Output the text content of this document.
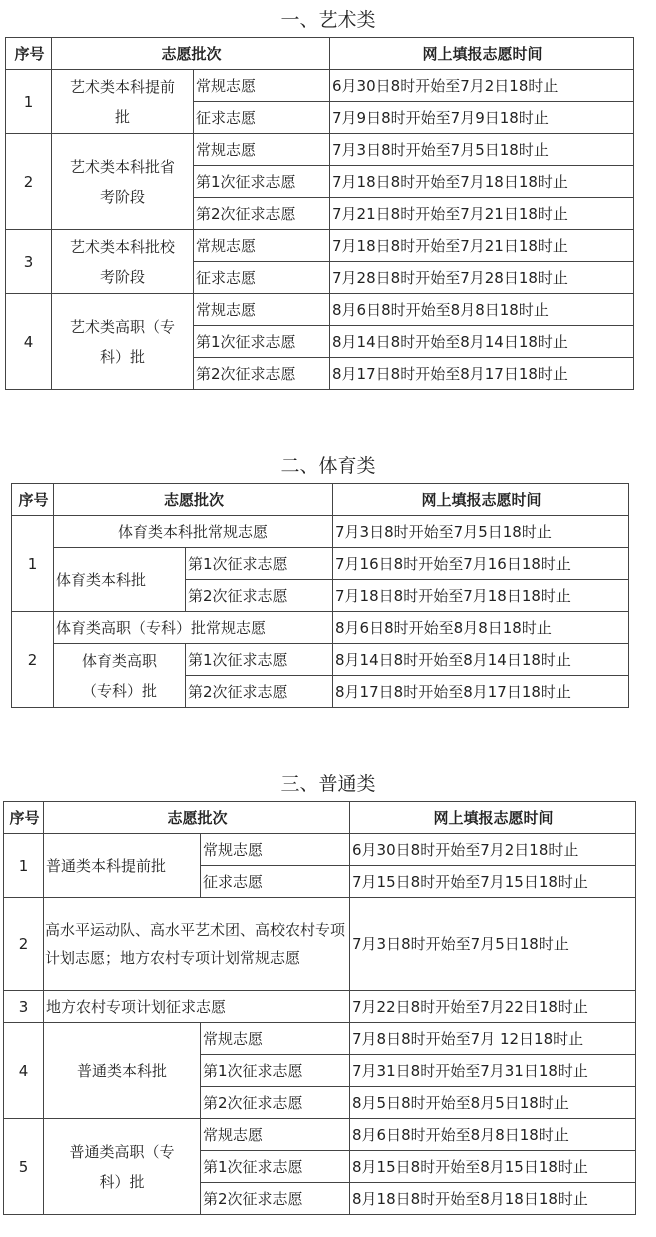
一、艺术类
序号	志愿批次		网上填报志愿时间
1	艺术类本科提前批	常规志愿	6月30日8时开始至7月2日18时止
		征求志愿	7月9日8时开始至7月9日18时止
2	艺术类本科批省考阶段	常规志愿	7月3日8时开始至7月5日18时止
		第1次征求志愿	7月18日8时开始至7月18日18时止
		第2次征求志愿	7月21日8时开始至7月21日18时止
3	艺术类本科批校考阶段	常规志愿	7月18日8时开始至7月21日18时止
		征求志愿	7月28日8时开始至7月28日18时止
4	艺术类高职（专科）批	常规志愿	8月6日8时开始至8月8日18时止
		第1次征求志愿	8月14日8时开始至8月14日18时止
		第2次征求志愿	8月17日8时开始至8月17日18时止
二、体育类
序号	志愿批次		网上填报志愿时间
1	体育类本科批常规志愿		7月3日8时开始至7月5日18时止
	体育类本科批	第1次征求志愿	7月16日8时开始至7月16日18时止
		第2次征求志愿	7月18日8时开始至7月18日18时止
2	体育类高职（专科）批常规志愿		8月6日8时开始至8月8日18时止
	体育类高职（专科）批	第1次征求志愿	8月14日8时开始至8月14日18时止
		第2次征求志愿	8月17日8时开始至8月17日18时止
三、普通类
序号	志愿批次		网上填报志愿时间
1	普通类本科提前批	常规志愿	6月30日8时开始至7月2日18时止
		征求志愿	7月15日8时开始至7月15日18时止
2	高水平运动队、高水平艺术团、高校农村专项计划志愿；地方农村专项计划常规志愿		7月3日8时开始至7月5日18时止
3	地方农村专项计划征求志愿		7月22日8时开始至7月22日18时止
4	普通类本科批	常规志愿	7月8日8时开始至7月 12日18时止
		第1次征求志愿	7月31日8时开始至7月31日18时止
		第2次征求志愿	8月5日8时开始至8月5日18时止
5	普通类高职（专科）批	常规志愿	8月6日8时开始至8月8日18时止
		第1次征求志愿	8月15日8时开始至8月15日18时止
		第2次征求志愿	8月18日8时开始至8月18日18时止
